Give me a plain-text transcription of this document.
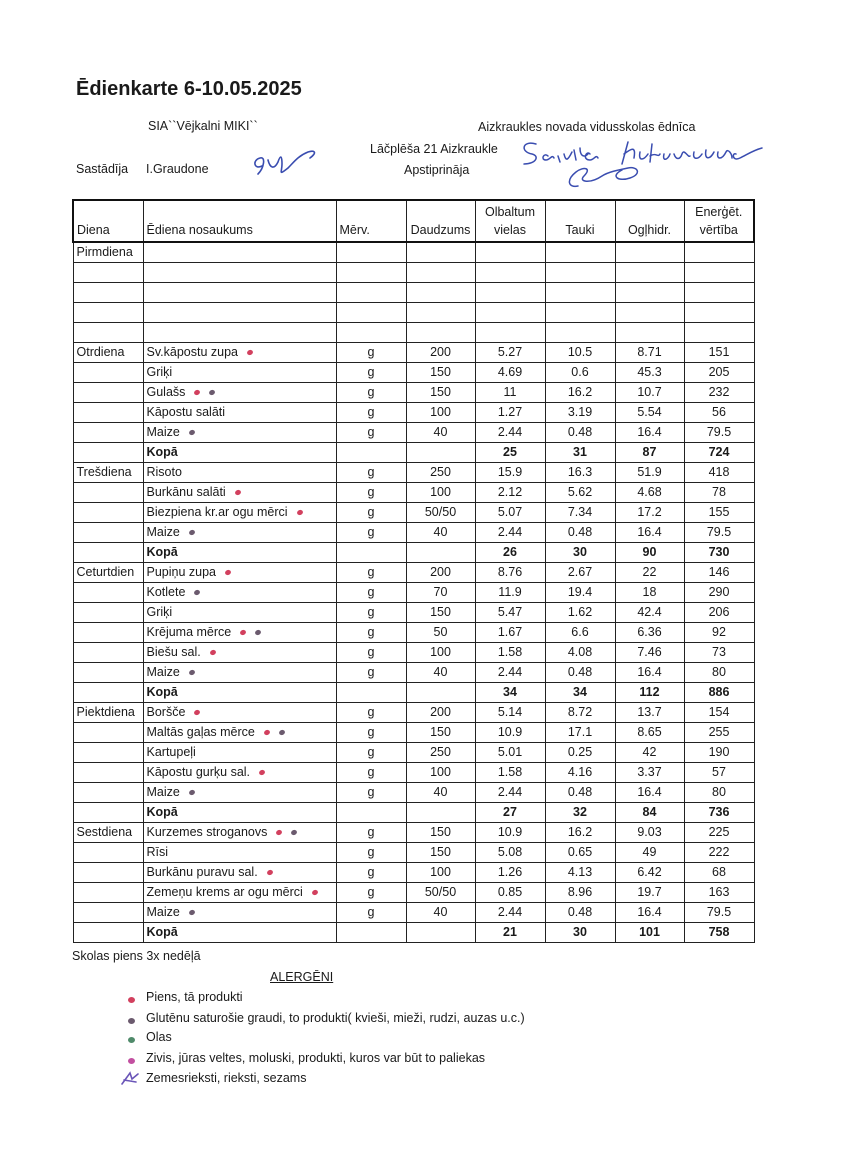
Ēdienkarte 6-10.05.2025
SIA``Vējkalni MIKI``	Aizkraukles novada vidusskolas ēdnīca
Lāčplēša 21 Aizkraukle
Sastādīja I.Graudone	Apstiprināja
Diena	Ēdiena nosaukums	Mērv.	Daudzums	Olbaltum vielas	Tauki	Ogļhidr.	Enerģēt. vērtība
Pirmdiena							

Otrdiena	Sv.kāpostu zupa	g	200	5.27	10.5	8.71	151
	Griķi	g	150	4.69	0.6	45.3	205
	Gulašs	g	150	11	16.2	10.7	232
	Kāpostu salāti	g	100	1.27	3.19	5.54	56
	Maize	g	40	2.44	0.48	16.4	79.5
	Kopā			25	31	87	724
Trešdiena	Risoto	g	250	15.9	16.3	51.9	418
	Burkānu salāti	g	100	2.12	5.62	4.68	78
	Biezpiena kr.ar ogu mērci	g	50/50	5.07	7.34	17.2	155
	Maize	g	40	2.44	0.48	16.4	79.5
	Kopā			26	30	90	730
Ceturtdien	Pupiņu zupa	g	200	8.76	2.67	22	146
	Kotlete	g	70	11.9	19.4	18	290
	Griķi	g	150	5.47	1.62	42.4	206
	Krējuma mērce	g	50	1.67	6.6	6.36	92
	Biešu sal.	g	100	1.58	4.08	7.46	73
	Maize	g	40	2.44	0.48	16.4	80
	Kopā			34	34	112	886
Piektdiena	Boršče	g	200	5.14	8.72	13.7	154
	Maltās gaļas mērce	g	150	10.9	17.1	8.65	255
	Kartupeļi	g	250	5.01	0.25	42	190
	Kāpostu gurķu sal.	g	100	1.58	4.16	3.37	57
	Maize	g	40	2.44	0.48	16.4	80
	Kopā			27	32	84	736
Sestdiena	Kurzemes stroganovs	g	150	10.9	16.2	9.03	225
	Rīsi	g	150	5.08	0.65	49	222
	Burkānu puravu sal.	g	100	1.26	4.13	6.42	68
	Zemeņu krems ar ogu mērci	g	50/50	0.85	8.96	19.7	163
	Maize	g	40	2.44	0.48	16.4	79.5
	Kopā			21	30	101	758
Skolas piens 3x nedēļā
ALERGĒNI
Piens, tā produkti
Glutēnu saturošie graudi, to produkti( kvieši, mieži, rudzi, auzas u.c.)
Olas
Zivis, jūras veltes, moluski, produkti, kuros var būt to paliekas
Zemesrieksti, rieksti, sezams
